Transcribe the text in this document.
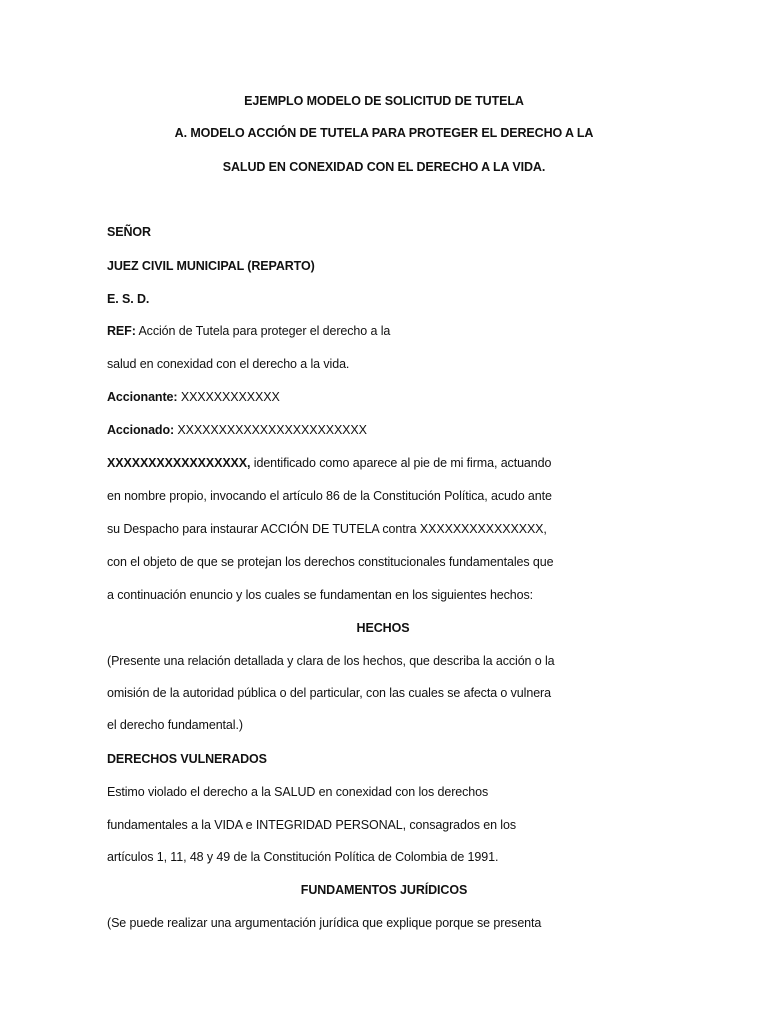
EJEMPLO MODELO DE SOLICITUD DE TUTELA
A. MODELO ACCIÓN DE TUTELA PARA PROTEGER EL DERECHO A LA
SALUD EN CONEXIDAD CON EL DERECHO A LA VIDA.
SEÑOR
JUEZ CIVIL MUNICIPAL (REPARTO)
E. S. D.
REF: Acción de Tutela para proteger el derecho a la
salud en conexidad con el derecho a la vida.
Accionante: XXXXXXXXXXXX
Accionado: XXXXXXXXXXXXXXXXXXXXXXX
XXXXXXXXXXXXXXXXX, identificado como aparece al pie de mi firma, actuando
en nombre propio, invocando el artículo 86 de la Constitución Política, acudo ante
su Despacho para instaurar ACCIÓN DE TUTELA contra XXXXXXXXXXXXXXX,
con el objeto de que se protejan los derechos constitucionales fundamentales que
a continuación enuncio y los cuales se fundamentan en los siguientes hechos:
HECHOS
(Presente una relación detallada y clara de los hechos, que describa la acción o la
omisión de la autoridad pública o del particular, con las cuales se afecta o vulnera
el derecho fundamental.)
DERECHOS VULNERADOS
Estimo violado el derecho a la SALUD en conexidad con los derechos
fundamentales a la VIDA e INTEGRIDAD PERSONAL, consagrados en los
artículos 1, 11, 48 y 49 de la Constitución Política de Colombia de 1991.
FUNDAMENTOS JURÍDICOS
(Se puede realizar una argumentación jurídica que explique porque se presenta
